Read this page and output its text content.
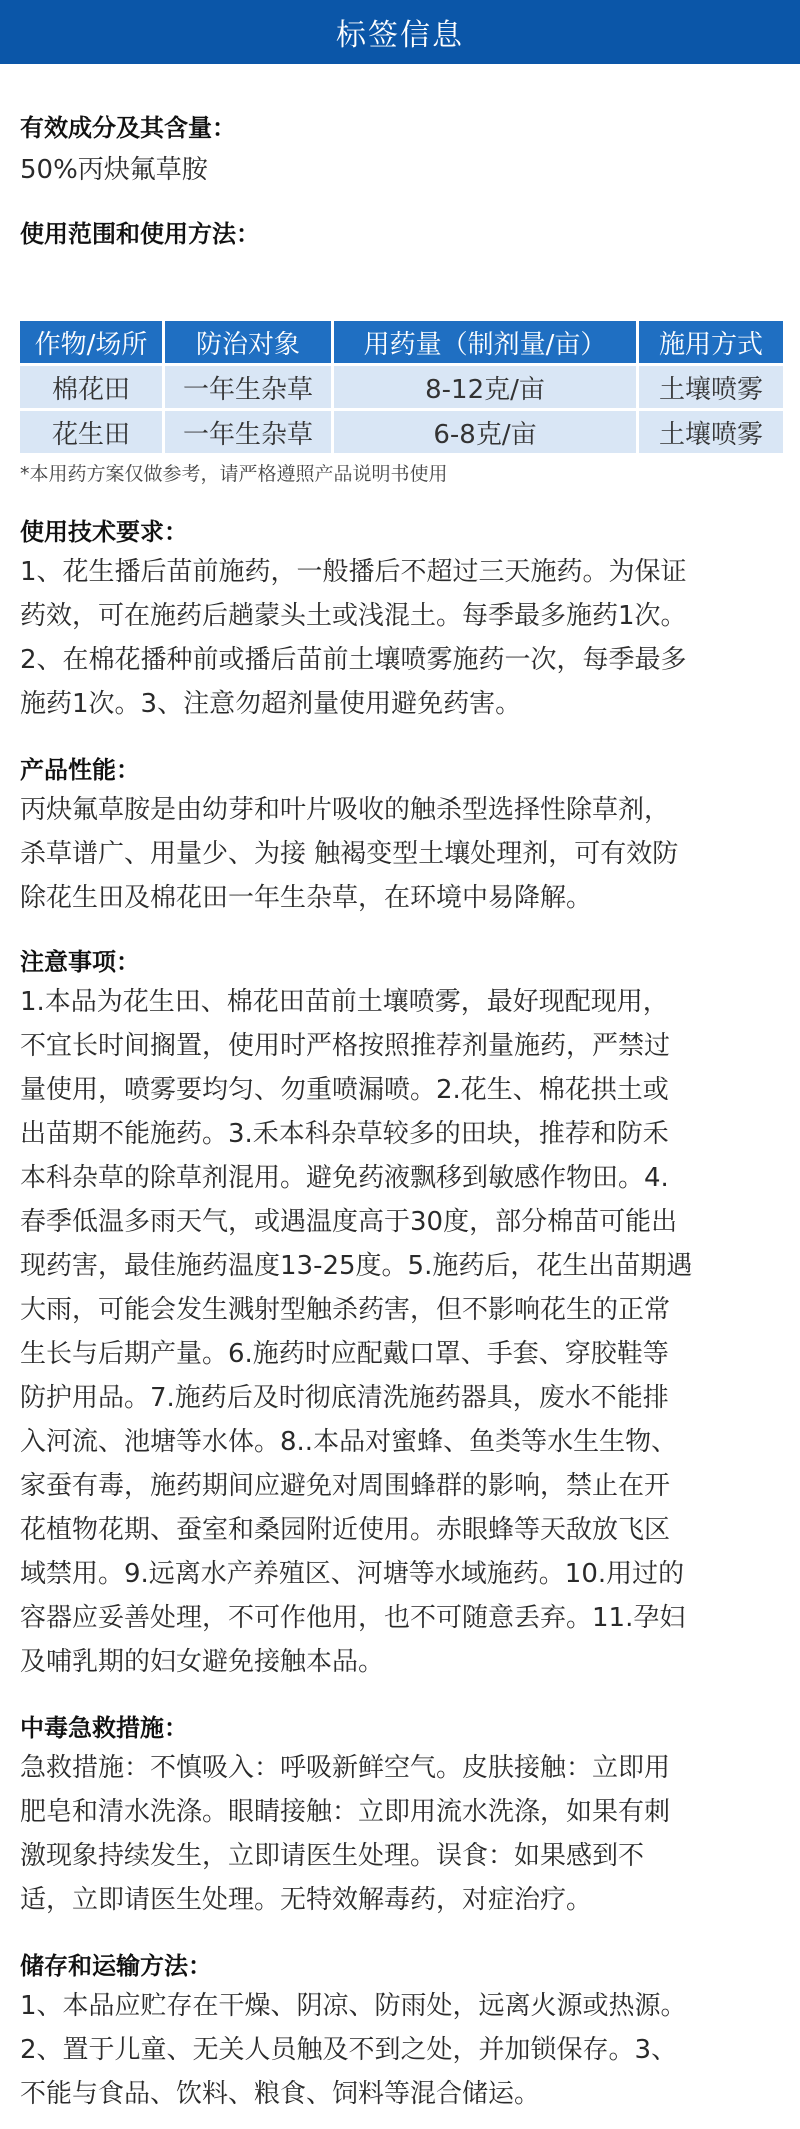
标签信息
有效成分及其含量：

50%丙炔氟草胺

使用范围和使用方法：
作物/场所	防治对象	用药量（制剂量/亩）	施用方式
棉花田	一年生杂草	8-12克/亩	土壤喷雾
花生田	一年生杂草	6-8克/亩	土壤喷雾

*本用药方案仅做参考，请严格遵照产品说明书使用

使用技术要求：

1、花生播后苗前施药，一般播后不超过三天施药。为保证

药效，可在施药后趟蒙头土或浅混土。每季最多施药1次。

2、在棉花播种前或播后苗前土壤喷雾施药一次，每季最多

施药1次。3、注意勿超剂量使用避免药害。

产品性能：

丙炔氟草胺是由幼芽和叶片吸收的触杀型选择性除草剂，

杀草谱广、用量少、为接 触褐变型土壤处理剂，可有效防

除花生田及棉花田一年生杂草，在环境中易降解。

注意事项：

1.本品为花生田、棉花田苗前土壤喷雾，最好现配现用，

不宜长时间搁置，使用时严格按照推荐剂量施药，严禁过

量使用，喷雾要均匀、勿重喷漏喷。2.花生、棉花拱土或

出苗期不能施药。3.禾本科杂草较多的田块，推荐和防禾

本科杂草的除草剂混用。避免药液飘移到敏感作物田。4.

春季低温多雨天气，或遇温度高于30度，部分棉苗可能出

现药害，最佳施药温度13-25度。5.施药后，花生出苗期遇

大雨，可能会发生溅射型触杀药害，但不影响花生的正常

生长与后期产量。6.施药时应配戴口罩、手套、穿胶鞋等

防护用品。7.施药后及时彻底清洗施药器具，废水不能排

入河流、池塘等水体。8..本品对蜜蜂、鱼类等水生生物、

家蚕有毒，施药期间应避免对周围蜂群的影响，禁止在开

花植物花期、蚕室和桑园附近使用。赤眼蜂等天敌放飞区

域禁用。9.远离水产养殖区、河塘等水域施药。10.用过的

容器应妥善处理，不可作他用，也不可随意丢弃。11.孕妇

及哺乳期的妇女避免接触本品。

中毒急救措施：

急救措施：不慎吸入：呼吸新鲜空气。皮肤接触：立即用

肥皂和清水洗涤。眼睛接触：立即用流水洗涤，如果有刺

激现象持续发生，立即请医生处理。误食：如果感到不

适，立即请医生处理。无特效解毒药，对症治疗。

储存和运输方法：

1、本品应贮存在干燥、阴凉、防雨处，远离火源或热源。

2、置于儿童、无关人员触及不到之处，并加锁保存。3、

不能与食品、饮料、粮食、饲料等混合储运。
